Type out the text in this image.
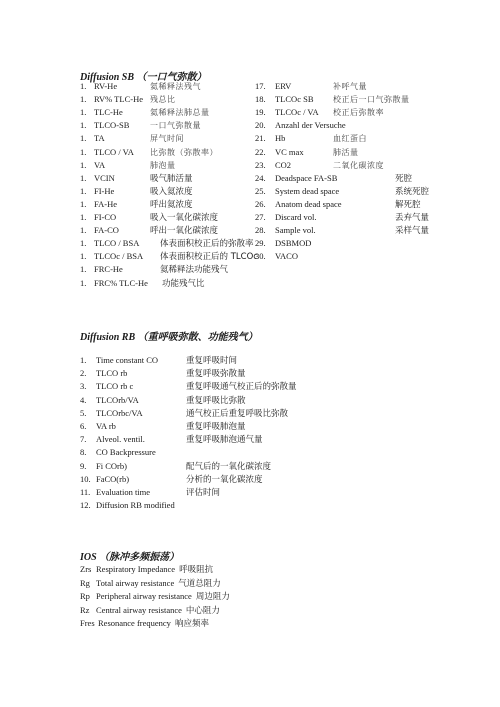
Diffusion SB （一口气弥散）
1. RV-He	氦稀释法残气
1. RV% TLC-He 残总比
1. TLC-He	氦稀释法肺总量
1. TLCO-SB	一口气弥散量
1. TA	屏气时间
1. TLCO / VA 比弥散（弥散率）
1. VA	肺泡量
1. VCIN	吸气肺活量
1. FI-He	吸入氦浓度
1. FA-He	呼出氦浓度
1. FI-CO	吸入一氧化碳浓度
1. FA-CO	呼出一氧化碳浓度
1. TLCO / BSA 体表面积校正后的弥散率
1. TLCOc / BSA 体表面积校正后的 TLCOc
1. FRC-He	氦稀释法功能残气
1. FRC% TLC-He 功能残气比
17. ERV	补呼气量
18. TLCOc SB 校正后一口气弥散量
19. TLCOc / VA 校正后弥散率
20. Anzahl der Versuche
21. Hb	血红蛋白
22. VC max	肺活量
23. CO2	二氧化碳浓度
24. Deadspace FA-SB	死腔
25. System dead space	系统死腔
26. Anatom dead space	解死腔
27. Discard vol.	丢弃气量
28. Sample vol.	采样气量
29. DSBMOD
30. VACO
Diffusion RB （重呼吸弥散、功能残气）
1. Time constant CO	重复呼吸时间
2. TLCO rb	重复呼吸弥散量
3. TLCO rb c	重复呼吸通气校正后的弥散量
4. TLCOrb/VA	重复呼吸比弥散
5. TLCOrbc/VA	通气校正后重复呼吸比弥散
6. VA rb	重复呼吸肺泡量
7. Alveol. ventil.	重复呼吸肺泡通气量
8. CO Backpressure
9. Fi COrb)	配气后的一氧化碳浓度
10. FaCO(rb)	分析的一氧化碳浓度
11. Evaluation time	评估时间
12. Diffusion RB modified
IOS （脉冲多频振荡）
Zrs Respiratory Impedance 呼吸阻抗
Rg Total airway resistance 气道总阻力
Rp Peripheral airway resistance 周边阻力
Rz Central airway resistance 中心阻力
Fres Resonance frequency 响应频率
